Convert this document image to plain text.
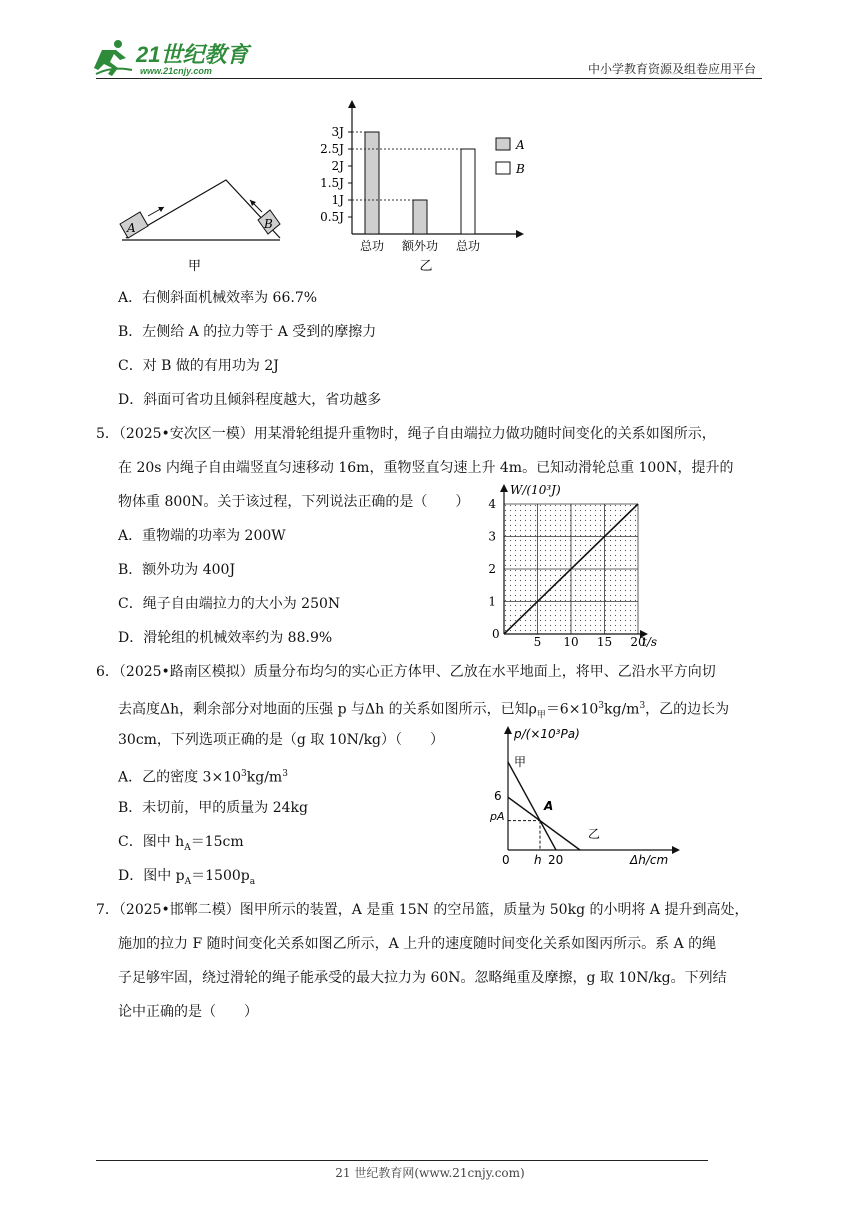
21世纪教育
www.21cnjy.com	中小学教育资源及组卷应用平台
A	B
甲
0.5J
1J
1.5J
2J
2.5J
3J
总功 额外功 总功
A
B
乙
A．右侧斜面机械效率为 66.7%
B．左侧给 A 的拉力等于 A 受到的摩擦力
C．对 B 做的有用功为 2J
D．斜面可省功且倾斜程度越大，省功越多
5．（2025•安次区一模）用某滑轮组提升重物时，绳子自由端拉力做功随时间变化的关系如图所示，
在 20s 内绳子自由端竖直匀速移动 16m，重物竖直匀速上升 4m。已知动滑轮总重 100N，提升的
物体重 800N。关于该过程，下列说法正确的是（　　）
A．重物端的功率为 200W
B．额外功为 400J
C．绳子自由端拉力的大小为 250N
D．滑轮组的机械效率约为 88.9%	5 10 15 20
1
2
3
4
W/(10³J)
t/s
0
6．（2025•路南区模拟）质量分布均匀的实心正方体甲、乙放在水平地面上，将甲、乙沿水平方向切
去高度Δh，剩余部分对地面的压强 p 与Δh 的关系如图所示，已知$\rho_甲=6\times 10^3kg/m^3$，乙的边长为
30cm，下列选项正确的是（g 取 10N/kg）（　　）
A．乙的密度 $3\times 10^3kg/m^3$
B．未切前，甲的质量为 24kg
C．图中 $h_A=15cm$
D．图中 $p_A=1500p_a$
p/(×10³Pa)
Δh/cm
甲
乙
6
pA
A
h 20
0
7．（2025•邯郸二模）图甲所示的装置，A 是重 15N 的空吊篮，质量为 50kg 的小明将 A 提升到高处，
施加的拉力 F 随时间变化关系如图乙所示，A 上升的速度随时间变化关系如图丙所示。系 A 的绳
子足够牢固，绕过滑轮的绳子能承受的最大拉力为 60N。忽略绳重及摩擦，g 取 10N/kg。下列结
论中正确的是（　　）
21 世纪教育网(www.21cnjy.com)
